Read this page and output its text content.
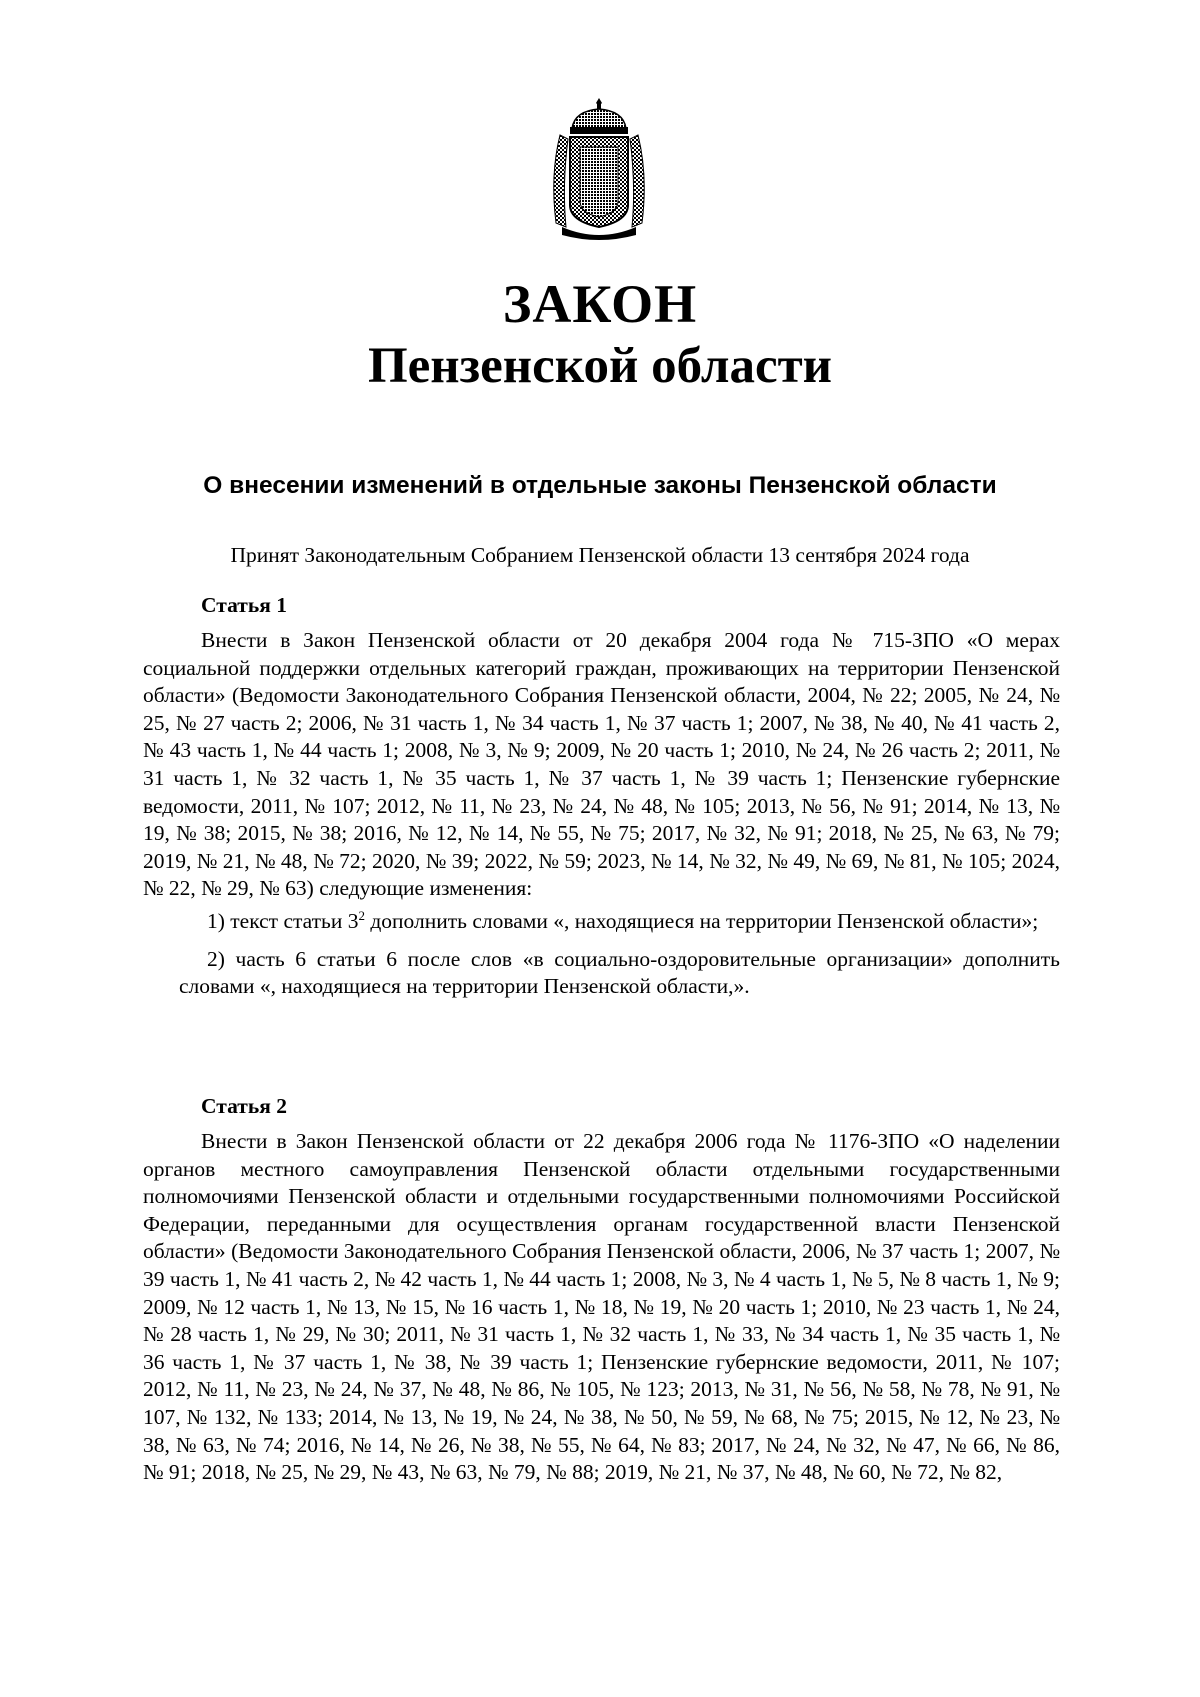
ЗАКОН
Пензенской области
О внесении изменений в отдельные законы Пензенской области
Принят Законодательным Собранием Пензенской области 13 сентября 2024 года
Статья 1
Внести в Закон Пензенской области от 20 декабря 2004 года № 715-ЗПО «О мерах социальной поддержки отдельных категорий граждан, проживающих на территории Пензенской области» (Ведомости Законодательного Собрания Пензенской области, 2004, № 22; 2005, № 24, № 25, № 27 часть 2; 2006, № 31 часть 1, № 34 часть 1, № 37 часть 1; 2007, № 38, № 40, № 41 часть 2, № 43 часть 1, № 44 часть 1; 2008, № 3, № 9; 2009, № 20 часть 1; 2010, № 24, № 26 часть 2; 2011, № 31 часть 1, № 32 часть 1, № 35 часть 1, № 37 часть 1, № 39 часть 1; Пензенские губернские ведомости, 2011, № 107; 2012, № 11, № 23, № 24, № 48, № 105; 2013, № 56, № 91; 2014, № 13, № 19, № 38; 2015, № 38; 2016, № 12, № 14, № 55, № 75; 2017, № 32, № 91; 2018, № 25, № 63, № 79; 2019, № 21, № 48, № 72; 2020, № 39; 2022, № 59; 2023, № 14, № 32, № 49, № 69, № 81, № 105; 2024, № 22, № 29, № 63) следующие изменения:
1) текст статьи $3^2$ дополнить словами «, находящиеся на территории Пензенской области»;
2) часть 6 статьи 6 после слов «в социально-оздоровительные организации» дополнить словами «, находящиеся на территории Пензенской области,».
Статья 2
Внести в Закон Пензенской области от 22 декабря 2006 года № 1176-ЗПО «О наделении органов местного самоуправления Пензенской области отдельными государственными полномочиями Пензенской области и отдельными государственными полномочиями Российской Федерации, переданными для осуществления органам государственной власти Пензенской области» (Ведомости Законодательного Собрания Пензенской области, 2006, № 37 часть 1; 2007, № 39 часть 1, № 41 часть 2, № 42 часть 1, № 44 часть 1; 2008, № 3, № 4 часть 1, № 5, № 8 часть 1, № 9; 2009, № 12 часть 1, № 13, № 15, № 16 часть 1, № 18, № 19, № 20 часть 1; 2010, № 23 часть 1, № 24, № 28 часть 1, № 29, № 30; 2011, № 31 часть 1, № 32 часть 1, № 33, № 34 часть 1, № 35 часть 1, № 36 часть 1, № 37 часть 1, № 38, № 39 часть 1; Пензенские губернские ведомости, 2011, № 107; 2012, № 11, № 23, № 24, № 37, № 48, № 86, № 105, № 123; 2013, № 31, № 56, № 58, № 78, № 91, № 107, № 132, № 133; 2014, № 13, № 19, № 24, № 38, № 50, № 59, № 68, № 75; 2015, № 12, № 23, № 38, № 63, № 74; 2016, № 14, № 26, № 38, № 55, № 64, № 83; 2017, № 24, № 32, № 47, № 66, № 86, № 91; 2018, № 25, № 29, № 43, № 63, № 79, № 88; 2019, № 21, № 37, № 48, № 60, № 72, № 82,
